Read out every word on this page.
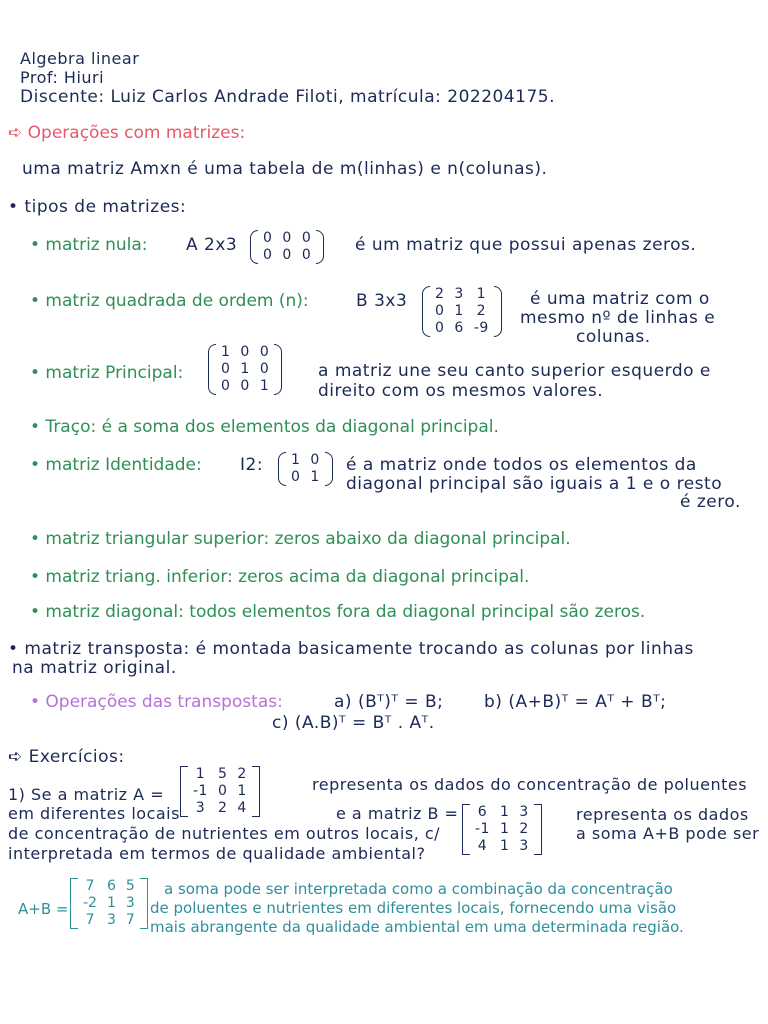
Algebra linear
Prof: Hiuri
Discente: Luiz Carlos Andrade Filoti, matrícula: 202204175.
➪ Operações com matrizes:
uma matriz Amxn é uma tabela de m(linhas) e n(colunas).
• tipos de matrizes:
• matriz nula: A 2x3 0	0	0
0	0	0	é um matriz que possui apenas zeros.
• matriz quadrada de ordem (n):	B 3x3 2	3	1
0	1	2
0	6	-9
é uma matriz com o
mesmo nº de linhas e
colunas.
• matriz Principal:
1	0	0
0	1	0
0	0	1
a matriz une seu canto superior esquerdo e
direito com os mesmos valores.
• Traço: é a soma dos elementos da diagonal principal.
• matriz Identidade: I2: 1	0
0	1
é a matriz onde todos os elementos da
diagonal principal são iguais a 1 e o resto
é zero.
• matriz triangular superior: zeros abaixo da diagonal principal.
• matriz triang. inferior: zeros acima da diagonal principal.
• matriz diagonal: todos elementos fora da diagonal principal são zeros.
• matriz transposta: é montada basicamente trocando as colunas por linhas
na matriz original.
• Operações das transpostas:	a) (Bᵀ)ᵀ = B; b) (A+B)ᵀ = Aᵀ + Bᵀ;
c) (A.B)ᵀ = Bᵀ . Aᵀ.
➪ Exercícios:
1) Se a matriz A =
1	5	2
-1	0	1
3	2	4
representa os dados do concentração de poluentes
em diferentes locais	e a matriz B = 6	1	3
-1	1	2
4	1	3
representa os dados
de concentração de nutrientes em outros locais, c/	a soma A+B pode ser
interpretada em termos de qualidade ambiental?
A+B =
7	6	5
-2	1	3
7	3	7
a soma pode ser interpretada como a combinação da concentração
de poluentes e nutrientes em diferentes locais, fornecendo uma visão
mais abrangente da qualidade ambiental em uma determinada região.
